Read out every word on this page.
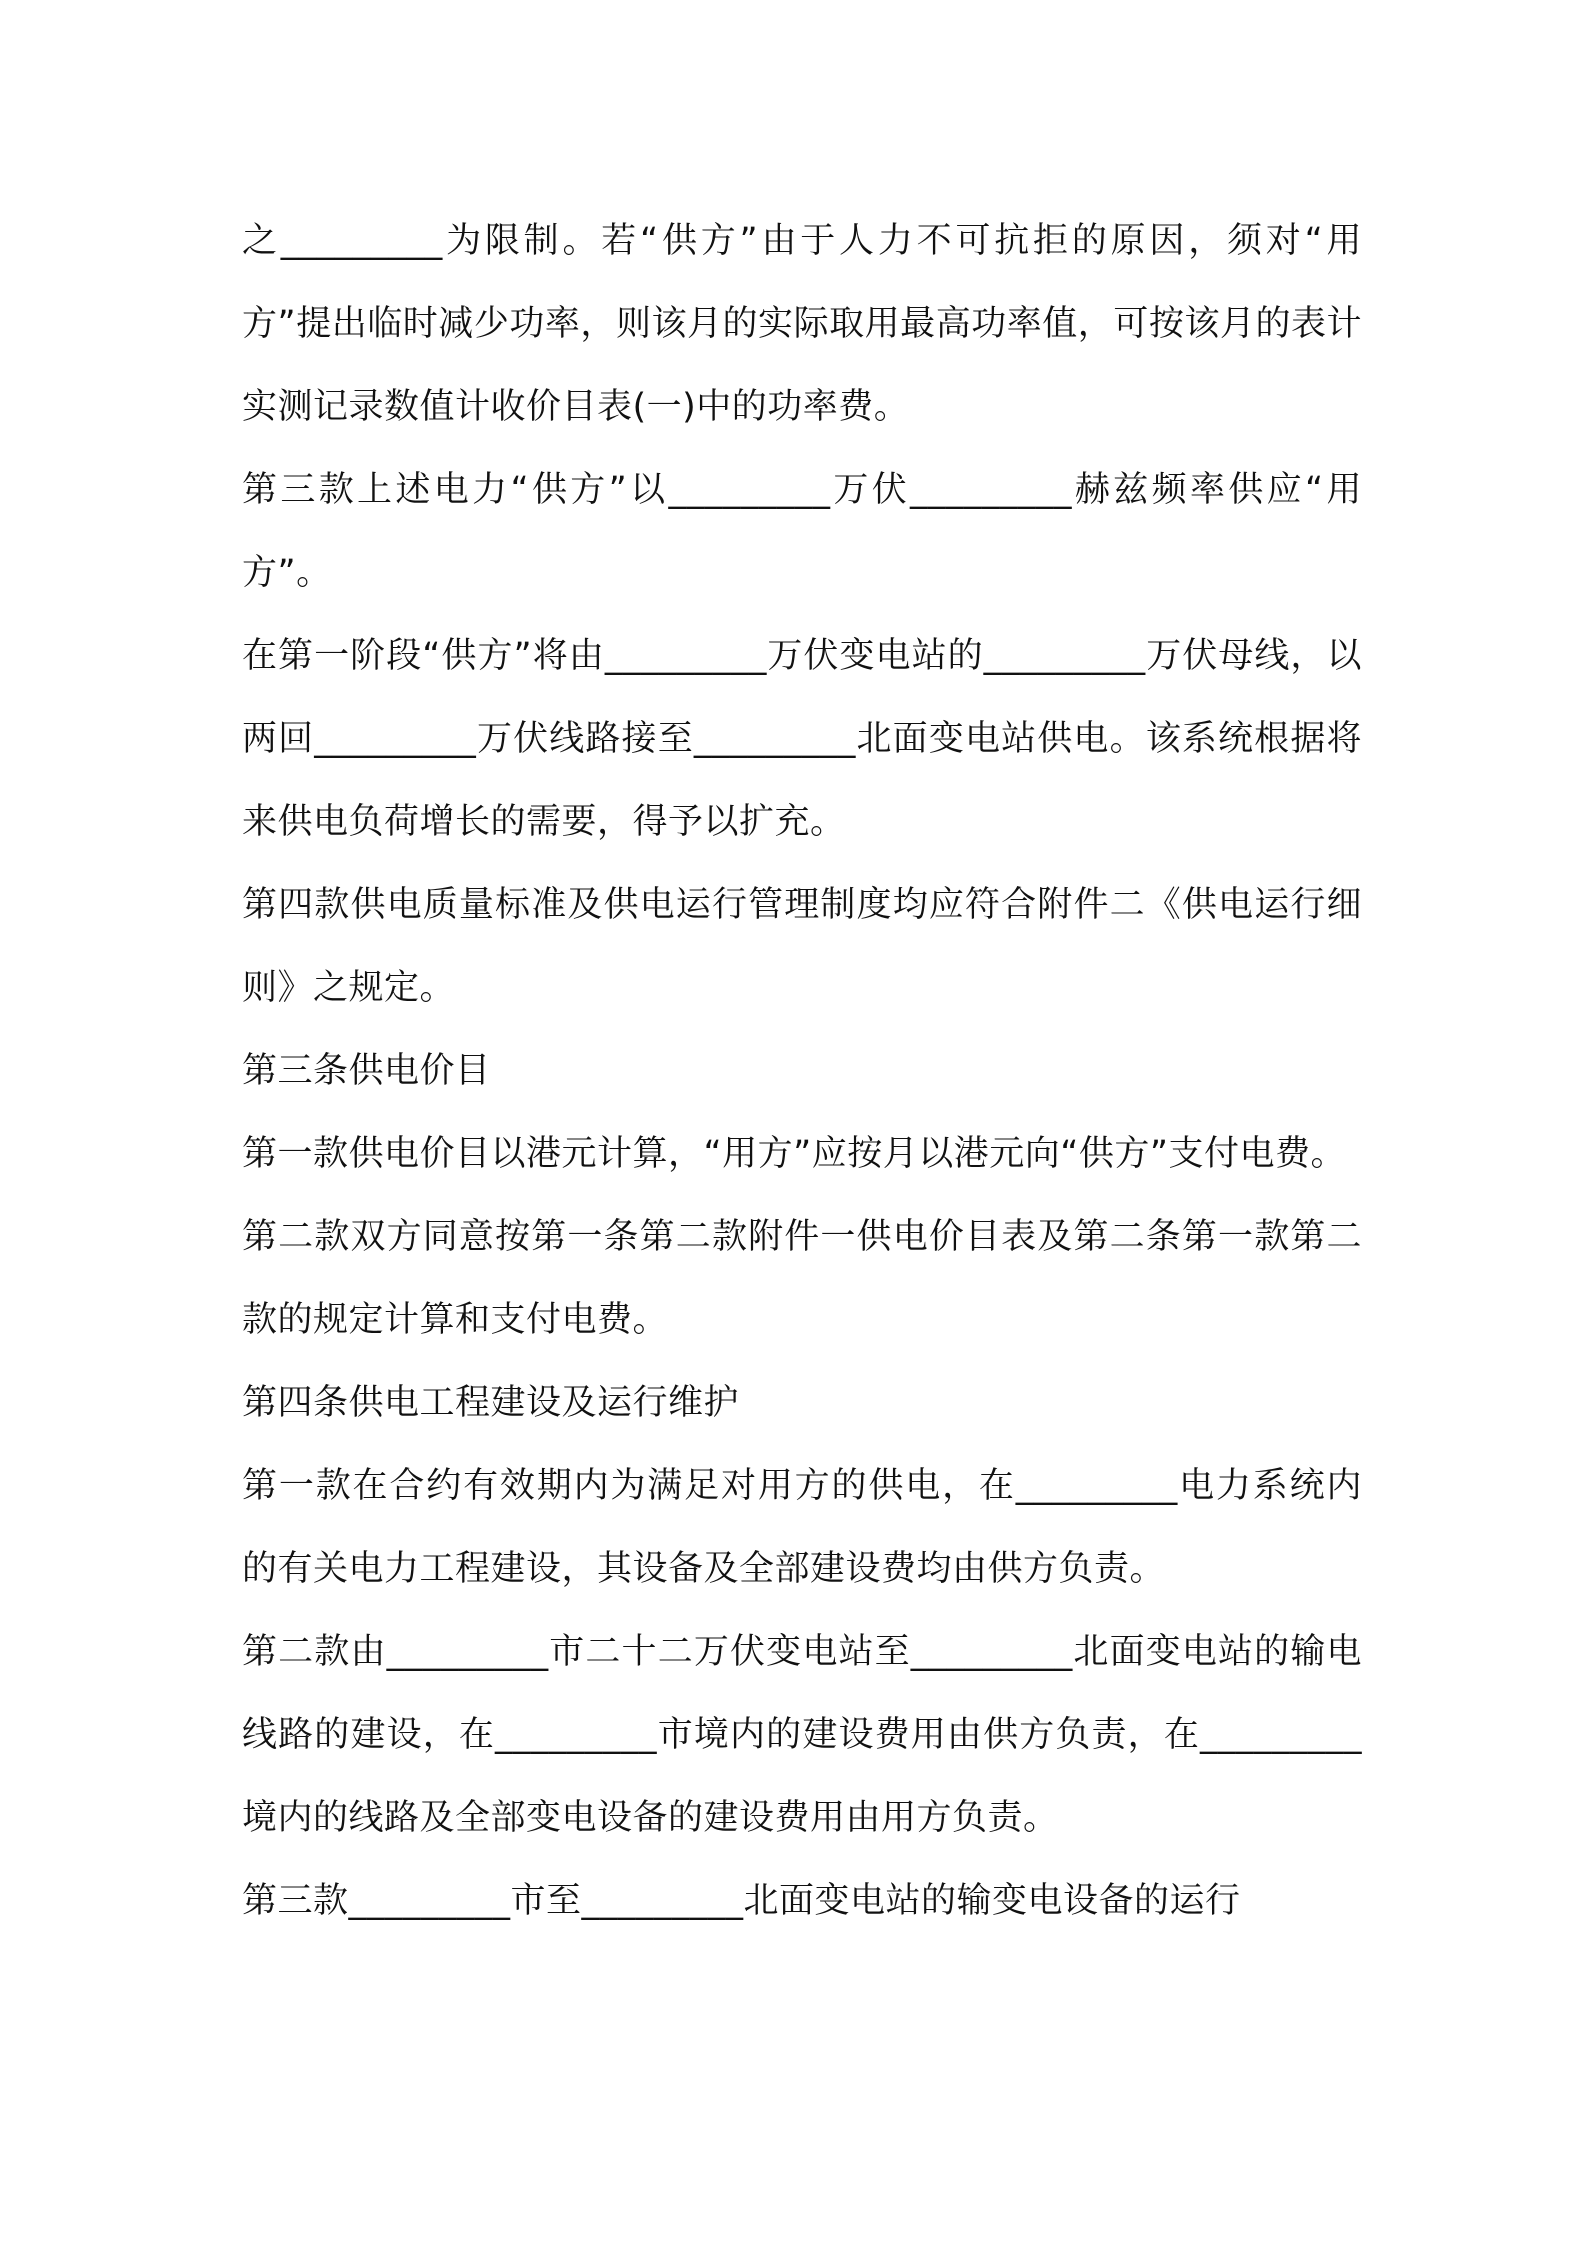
之_________为限制。若“供方”由于人力不可抗拒的原因，须对“用方”提出临时减少功率，则该月的实际取用最高功率值，可按该月的表计实测记录数值计收价目表(一)中的功率费。

第三款上述电力“供方”以_________万伏_________赫兹频率供应“用方”。

在第一阶段“供方”将由_________万伏变电站的_________万伏母线，以两回_________万伏线路接至_________北面变电站供电。该系统根据将来供电负荷增长的需要，得予以扩充。

第四款供电质量标准及供电运行管理制度均应符合附件二《供电运行细则》之规定。

第三条供电价目

第一款供电价目以港元计算，“用方”应按月以港元向“供方”支付电费。

第二款双方同意按第一条第二款附件一供电价目表及第二条第一款第二款的规定计算和支付电费。

第四条供电工程建设及运行维护

第一款在合约有效期内为满足对用方的供电，在_________电力系统内的有关电力工程建设，其设备及全部建设费均由供方负责。

第二款由_________市二十二万伏变电站至_________北面变电站的输电线路的建设，在_________市境内的建设费用由供方负责，在_________境内的线路及全部变电设备的建设费用由用方负责。

第三款_________市至_________北面变电站的输变电设备的运行
